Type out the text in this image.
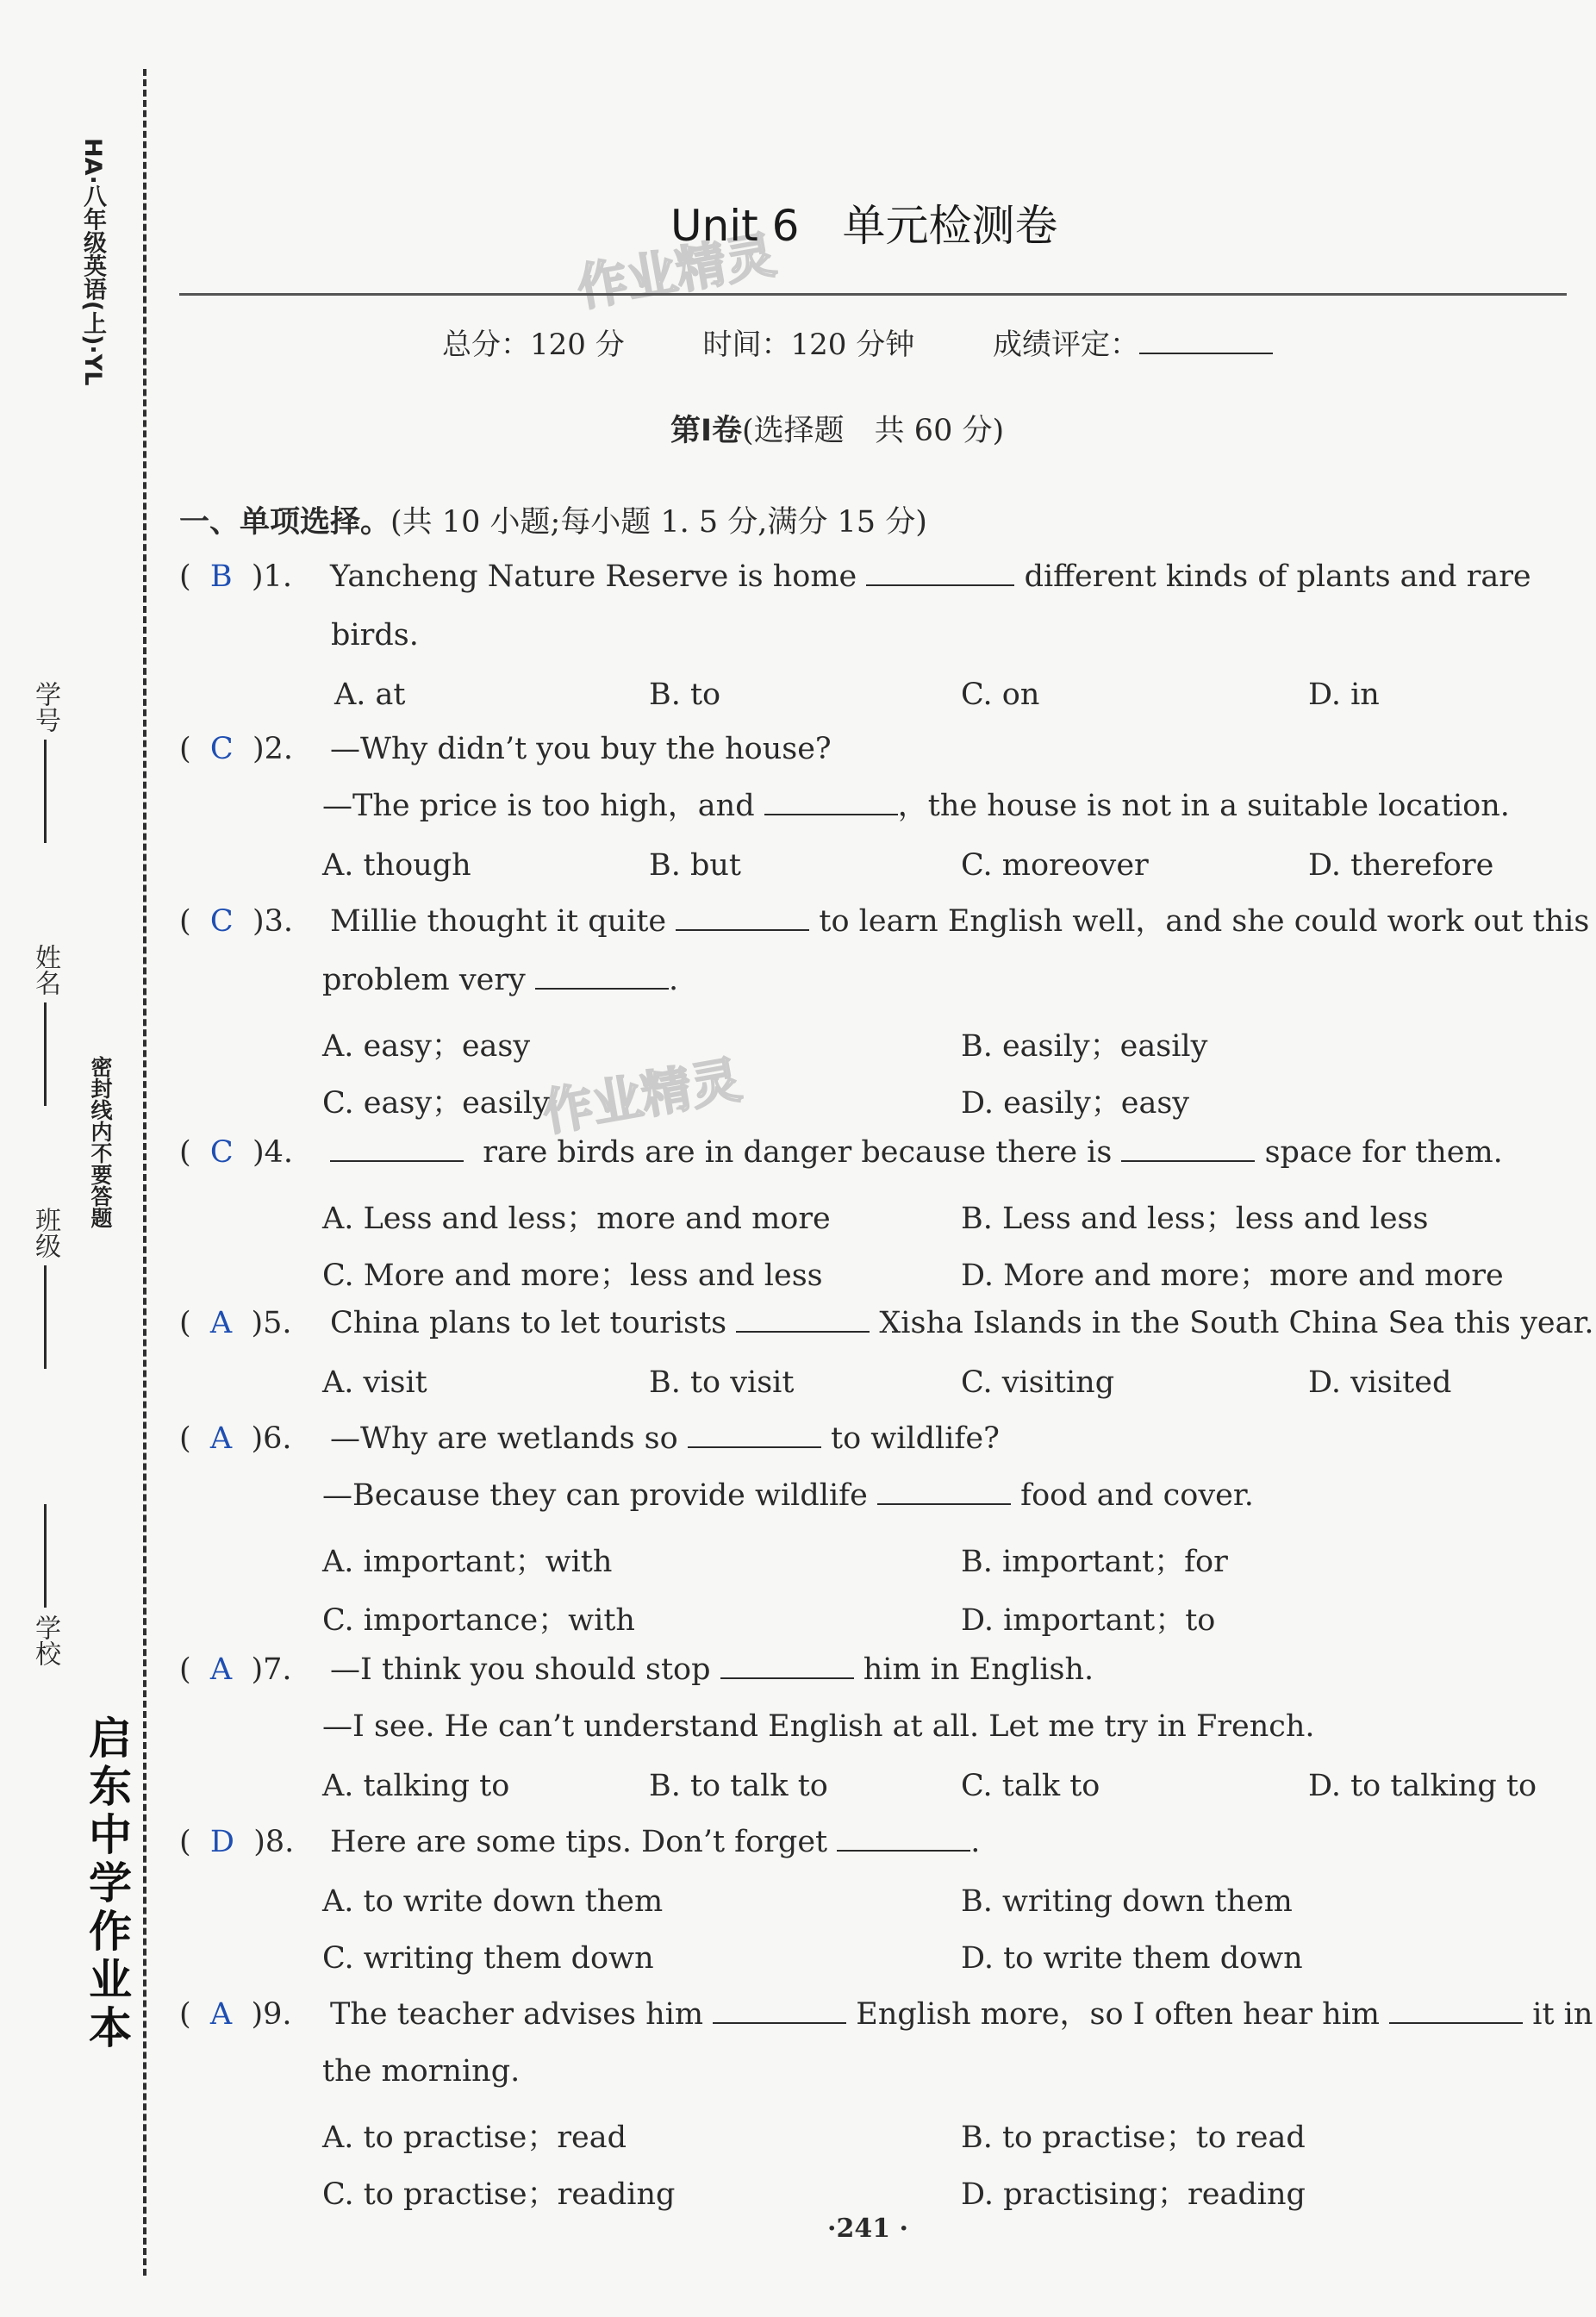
HA·八年级英语(上)·YL
密封线内不要答题
学号
姓名
班级
学校
启东中学作业本
作业精灵
作业精灵
Unit 6　单元检测卷
总分：120 分	时间：120 分钟	成绩评定：
第Ⅰ卷(选择题　共 60 分)
一、单项选择。(共 10 小题;每小题 1. 5 分,满分 15 分)
(  B  )1. Yancheng Nature Reserve is home	different kinds of plants and rare
birds.
A. at	B. to	C. on	D. in
(  C  )2. —Why didn’t you buy the house?
—The price is too high，and	，the house is not in a suitable location.
A. though	B. but	C. moreover	D. therefore
(  C  )3. Millie thought it quite	to learn English well，and she could work out this
problem very	.
A. easy；easy	B. easily；easily
C. easy；easily	D. easily；easy
(  C  )4.	rare birds are in danger because there is	space for them.
A. Less and less；more and more	B. Less and less；less and less
C. More and more；less and less	D. More and more；more and more
(  A  )5. China plans to let tourists	Xisha Islands in the South China Sea this year.
A. visit	B. to visit	C. visiting	D. visited
(  A  )6. —Why are wetlands so	to wildlife?
—Because they can provide wildlife	food and cover.
A. important；with	B. important；for
C. importance；with	D. important；to
(  A  )7. —I think you should stop	him in English.
—I see. He can’t understand English at all. Let me try in French.
A. talking to	B. to talk to	C. talk to	D. to talking to
(  D  )8. Here are some tips. Don’t forget	.
A. to write down them	B. writing down them
C. writing them down	D. to write them down
(  A  )9. The teacher advises him	English more，so I often hear him	it in
the morning.
A. to practise；read	B. to practise；to read
C. to practise；reading	D. practising；reading
·241 ·
